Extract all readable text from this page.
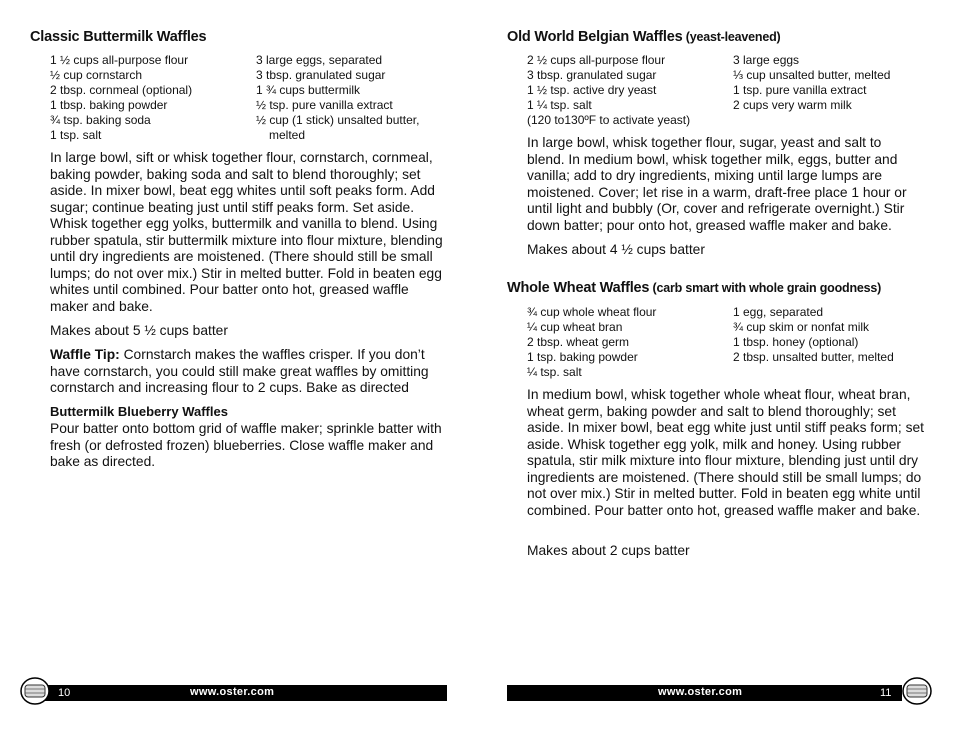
Classic Buttermilk Waffles
1 ½ cups all-purpose flour
½ cup cornstarch
2 tbsp. cornmeal (optional)
1 tbsp. baking powder
¾ tsp. baking soda
1 tsp. salt
3 large eggs, separated
3 tbsp. granulated sugar
1 ¾ cups buttermilk
½ tsp. pure vanilla extract
½ cup (1 stick) unsalted butter,
melted

In large bowl, sift or whisk together flour, cornstarch, cornmeal, baking powder, baking soda and salt to blend thoroughly; set aside. In mixer bowl, beat egg whites until soft peaks form. Add sugar; continue beating just until stiff peaks form. Set aside. Whisk together egg yolks, buttermilk and vanilla to blend. Using rubber spatula, stir buttermilk mixture into flour mixture, blending until dry ingredients are moistened. (There should still be small lumps; do not over mix.) Stir in melted butter. Fold in beaten egg whites until combined. Pour batter onto hot, greased waffle maker and bake.

Makes about 5 ½ cups batter

Waffle Tip: Cornstarch makes the waffles crisper. If you don’t have cornstarch, you could still make great waffles by omitting cornstarch and increasing flour to 2 cups. Bake as directed

Buttermilk Blueberry Waffles

Pour batter onto bottom grid of waffle maker; sprinkle batter with fresh (or defrosted frozen) blueberries. Close waffle maker and bake as directed.

10	www.oster.com
Old World Belgian Waffles (yeast-leavened)
2 ½ cups all-purpose flour
3 tbsp. granulated sugar
1 ½ tsp. active dry yeast
1 ¼ tsp. salt
(120 to130ºF to activate yeast)
3 large eggs
⅓ cup unsalted butter, melted
1 tsp. pure vanilla extract
2 cups very warm milk

In large bowl, whisk together flour, sugar, yeast and salt to blend. In medium bowl, whisk together milk, eggs, butter and vanilla; add to dry ingredients, mixing until large lumps are moistened. Cover; let rise in a warm, draft-free place 1 hour or until light and bubbly (Or, cover and refrigerate overnight.) Stir down batter; pour onto hot, greased waffle maker and bake.

Makes about 4 ½ cups batter

Whole Wheat Waffles (carb smart with whole grain goodness)
¾ cup whole wheat flour
¼ cup wheat bran
2 tbsp. wheat germ
1 tsp. baking powder
¼ tsp. salt
1 egg, separated
¾ cup skim or nonfat milk
1 tbsp. honey (optional)
2 tbsp. unsalted butter, melted

In medium bowl, whisk together whole wheat flour, wheat bran, wheat germ, baking powder and salt to blend thoroughly; set aside. In mixer bowl, beat egg white just until stiff peaks form; set aside. Whisk together egg yolk, milk and honey. Using rubber spatula, stir milk mixture into flour mixture, blending just until dry ingredients are moistened. (There should still be small lumps; do not over mix.) Stir in melted butter. Fold in beaten egg white until combined. Pour batter onto hot, greased waffle maker and bake.

Makes about 2 cups batter

www.oster.com	11
